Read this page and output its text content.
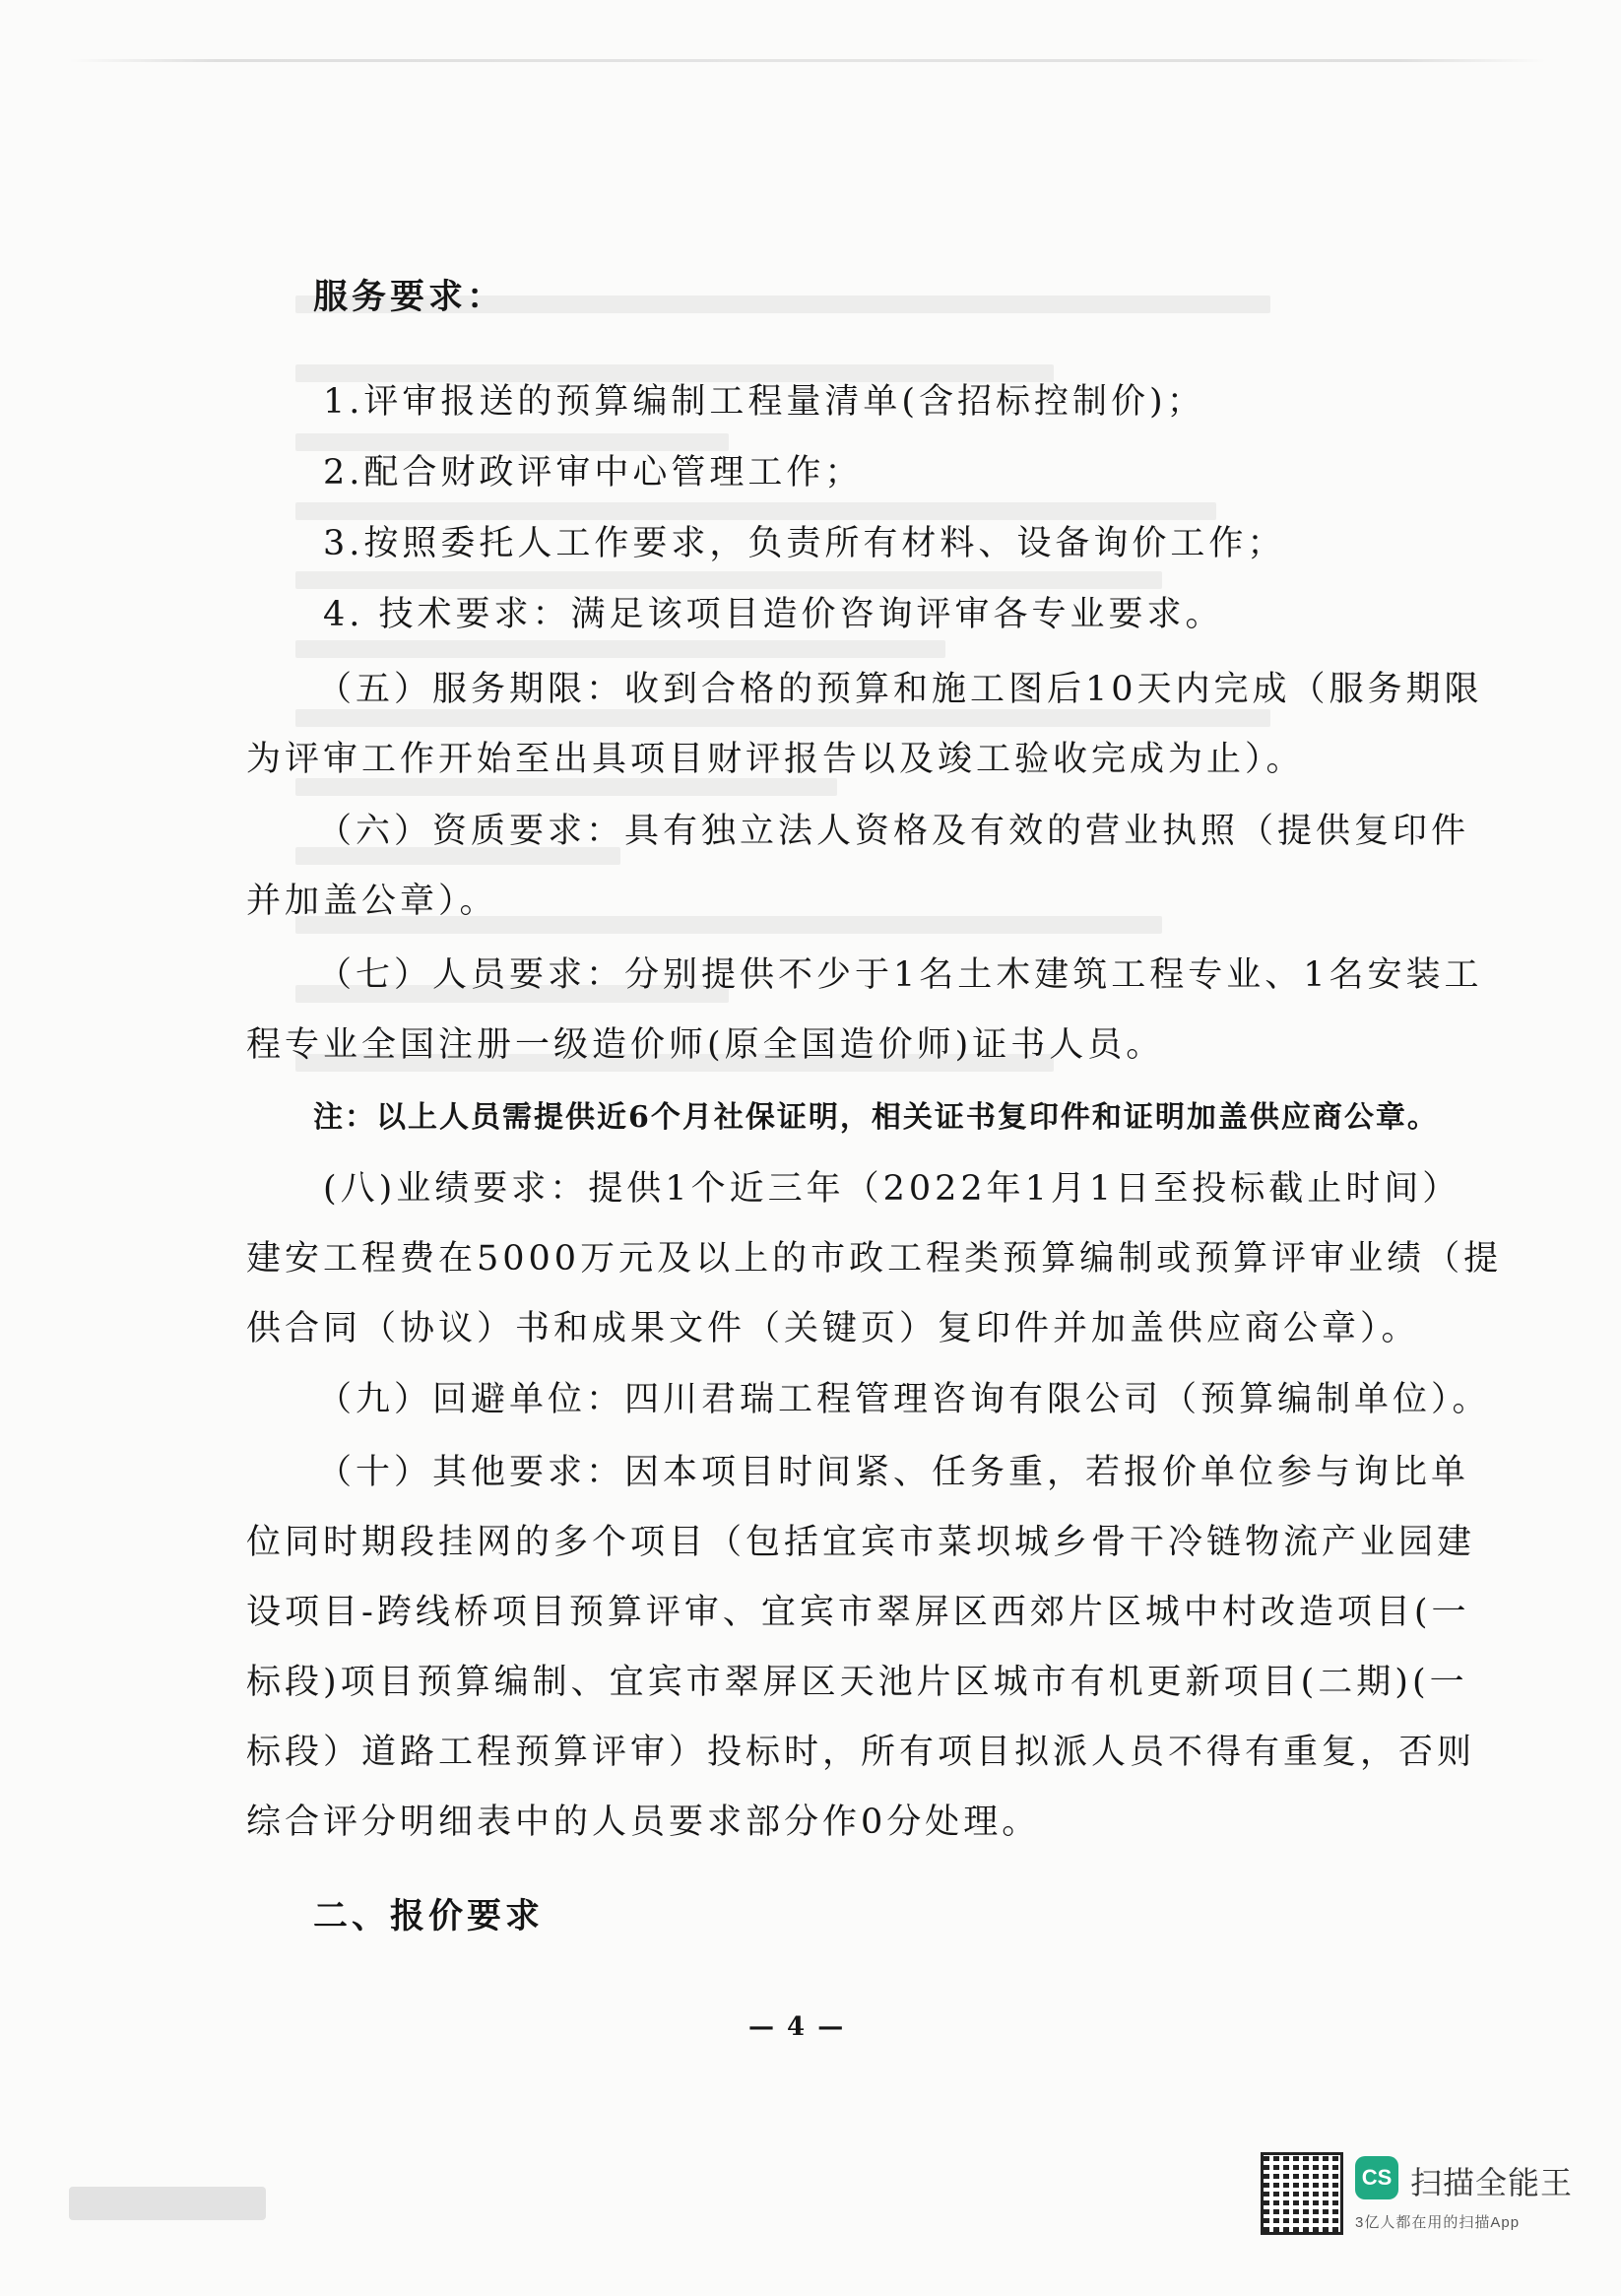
服务要求：
1.评审报送的预算编制工程量清单(含招标控制价)；
2.配合财政评审中心管理工作；
3.按照委托人工作要求，负责所有材料、设备询价工作；
4. 技术要求：满足该项目造价咨询评审各专业要求。
（五）服务期限：收到合格的预算和施工图后10天内完成（服务期限
为评审工作开始至出具项目财评报告以及竣工验收完成为止）。
（六）资质要求：具有独立法人资格及有效的营业执照（提供复印件
并加盖公章）。
（七）人员要求：分别提供不少于1名土木建筑工程专业、1名安装工
程专业全国注册一级造价师(原全国造价师)证书人员。
注：以上人员需提供近6个月社保证明，相关证书复印件和证明加盖供应商公章。
(八)业绩要求：提供1个近三年（2022年1月1日至投标截止时间）
建安工程费在5000万元及以上的市政工程类预算编制或预算评审业绩（提
供合同（协议）书和成果文件（关键页）复印件并加盖供应商公章）。
（九）回避单位：四川君瑞工程管理咨询有限公司（预算编制单位）。
（十）其他要求：因本项目时间紧、任务重，若报价单位参与询比单
位同时期段挂网的多个项目（包括宜宾市菜坝城乡骨干冷链物流产业园建
设项目-跨线桥项目预算评审、宜宾市翠屏区西郊片区城中村改造项目(一
标段)项目预算编制、宜宾市翠屏区天池片区城市有机更新项目(二期)(一
标段）道路工程预算评审）投标时，所有项目拟派人员不得有重复，否则
综合评分明细表中的人员要求部分作0分处理。
二、报价要求
— 4 —
CS 扫描全能王
3亿人都在用的扫描App
